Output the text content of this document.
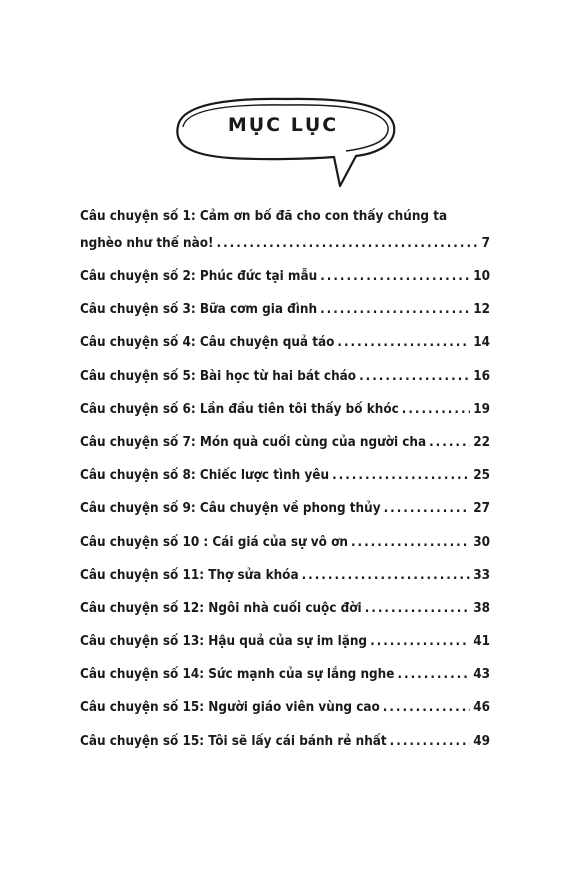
MỤC LỤC
Câu chuyện số 1: Cảm ơn bố đã cho con thấy chúng ta
nghèo như thế nào! .....	7
Câu chuyện số 2: Phúc đức tại mẫu .....	10
Câu chuyện số 3: Bữa cơm gia đình .....	12
Câu chuyện số 4: Câu chuyện quả táo .....	14
Câu chuyện số 5: Bài học từ hai bát cháo .....	16
Câu chuyện số 6: Lần đầu tiên tôi thấy bố khóc .....	19
Câu chuyện số 7: Món quà cuối cùng của người cha .....	22
Câu chuyện số 8: Chiếc lược tình yêu .....	25
Câu chuyện số 9: Câu chuyện về phong thủy .....	27
Câu chuyện số 10 : Cái giá của sự vô ơn .....	30
Câu chuyện số 11: Thợ sửa khóa .....	33
Câu chuyện số 12: Ngôi nhà cuối cuộc đời .....	38
Câu chuyện số 13: Hậu quả của sự im lặng .....	41
Câu chuyện số 14: Sức mạnh của sự lắng nghe .....	43
Câu chuyện số 15: Người giáo viên vùng cao .....	46
Câu chuyện số 15: Tôi sẽ lấy cái bánh rẻ nhất .....	49
